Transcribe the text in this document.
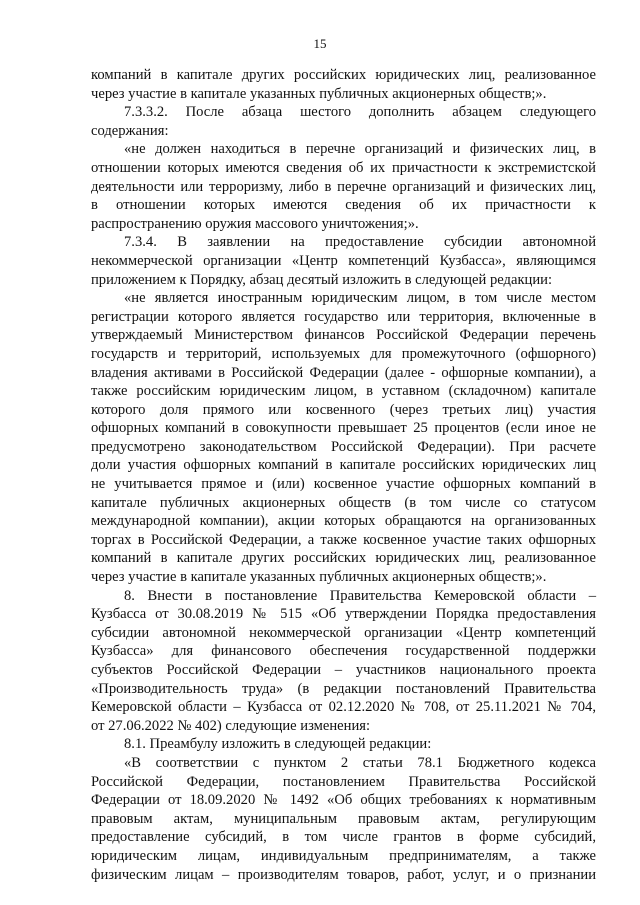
15
компаний в капитале других российских юридических лиц, реализованное
через участие в капитале указанных публичных акционерных обществ;».
7.3.3.2. После абзаца шестого дополнить абзацем следующего
содержания:
«не должен находиться в перечне организаций и физических лиц, в
отношении которых имеются сведения об их причастности к экстремистской
деятельности или терроризму, либо в перечне организаций и физических лиц,
в отношении которых имеются сведения об их причастности к
распространению оружия массового уничтожения;».
7.3.4. В заявлении на предоставление субсидии автономной
некоммерческой организации «Центр компетенций Кузбасса», являющимся
приложением к Порядку, абзац десятый изложить в следующей редакции:
«не является иностранным юридическим лицом, в том числе местом
регистрации которого является государство или территория, включенные в
утверждаемый Министерством финансов Российской Федерации перечень
государств и территорий, используемых для промежуточного (офшорного)
владения активами в Российской Федерации (далее - офшорные компании), а
также российским юридическим лицом, в уставном (складочном) капитале
которого доля прямого или косвенного (через третьих лиц) участия
офшорных компаний в совокупности превышает 25 процентов (если иное не
предусмотрено законодательством Российской Федерации). При расчете
доли участия офшорных компаний в капитале российских юридических лиц
не учитывается прямое и (или) косвенное участие офшорных компаний в
капитале публичных акционерных обществ (в том числе со статусом
международной компании), акции которых обращаются на организованных
торгах в Российской Федерации, а также косвенное участие таких офшорных
компаний в капитале других российских юридических лиц, реализованное
через участие в капитале указанных публичных акционерных обществ;».
8. Внести в постановление Правительства Кемеровской области –
Кузбасса от 30.08.2019 № 515 «Об утверждении Порядка предоставления
субсидии автономной некоммерческой организации «Центр компетенций
Кузбасса» для финансового обеспечения государственной поддержки
субъектов Российской Федерации – участников национального проекта
«Производительность труда» (в редакции постановлений Правительства
Кемеровской области – Кузбасса от 02.12.2020 № 708, от 25.11.2021 № 704,
от 27.06.2022 № 402) следующие изменения:
8.1. Преамбулу изложить в следующей редакции:
«В соответствии с пунктом 2 статьи 78.1 Бюджетного кодекса
Российской Федерации, постановлением Правительства Российской
Федерации от 18.09.2020 № 1492 «Об общих требованиях к нормативным
правовым актам, муниципальным правовым актам, регулирующим
предоставление субсидий, в том числе грантов в форме субсидий,
юридическим лицам, индивидуальным предпринимателям, а также
физическим лицам – производителям товаров, работ, услуг, и о признании
